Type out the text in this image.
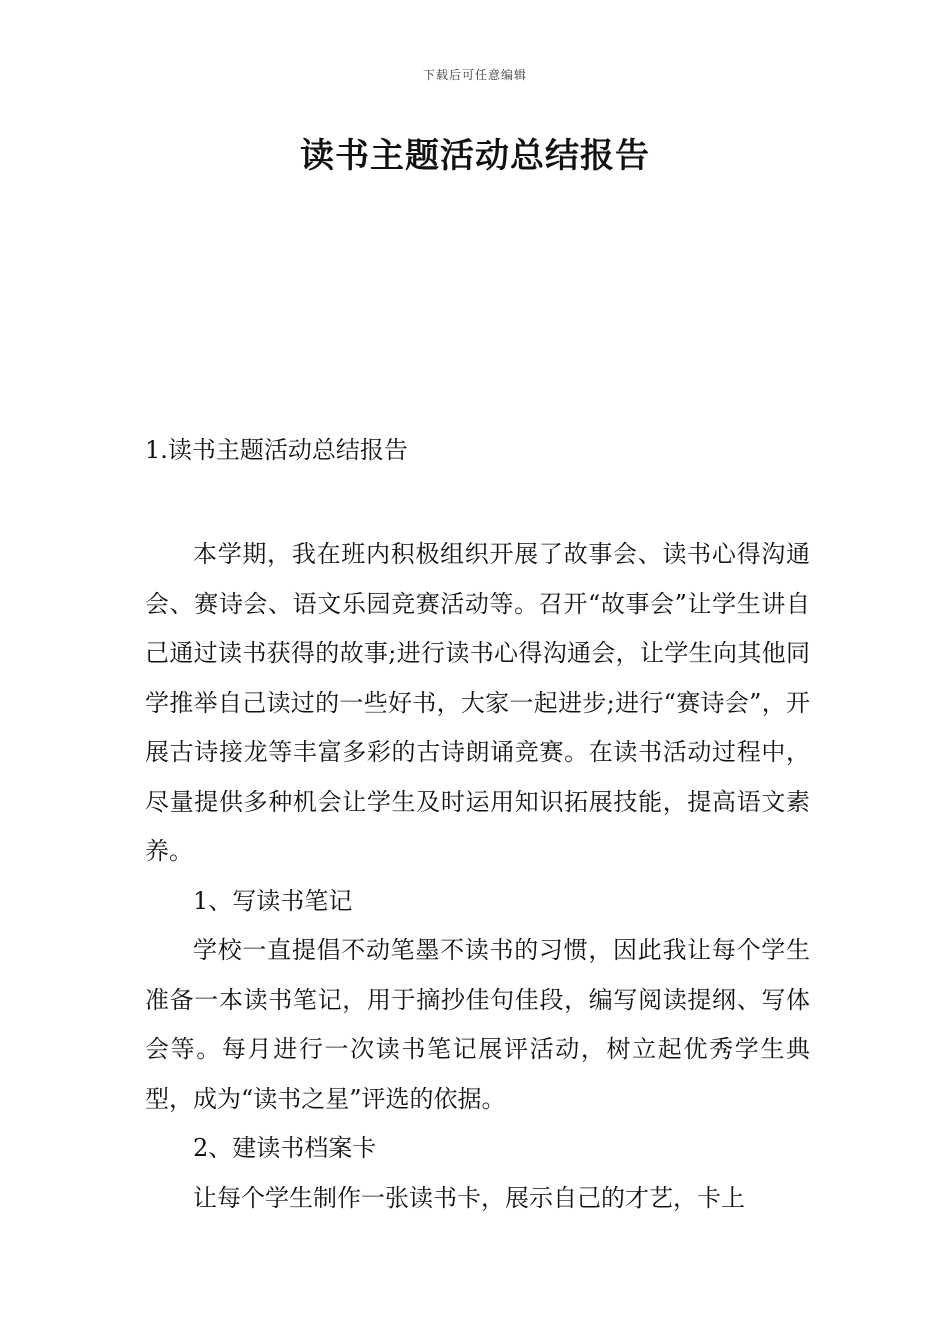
下载后可任意编辑
读书主题活动总结报告
1.读书主题活动总结报告

本学期，我在班内积极组织开展了故事会、读书心得沟通会、赛诗会、语文乐园竞赛活动等。召开“故事会”让学生讲自己通过读书获得的故事;进行读书心得沟通会，让学生向其他同学推举自己读过的一些好书，大家一起进步;进行“赛诗会”，开展古诗接龙等丰富多彩的古诗朗诵竞赛。在读书活动过程中，尽量提供多种机会让学生及时运用知识拓展技能，提高语文素养。

1、写读书笔记

学校一直提倡不动笔墨不读书的习惯，因此我让每个学生准备一本读书笔记，用于摘抄佳句佳段，编写阅读提纲、写体会等。每月进行一次读书笔记展评活动，树立起优秀学生典型，成为“读书之星”评选的依据。

2、建读书档案卡

让每个学生制作一张读书卡，展示自己的才艺，卡上
